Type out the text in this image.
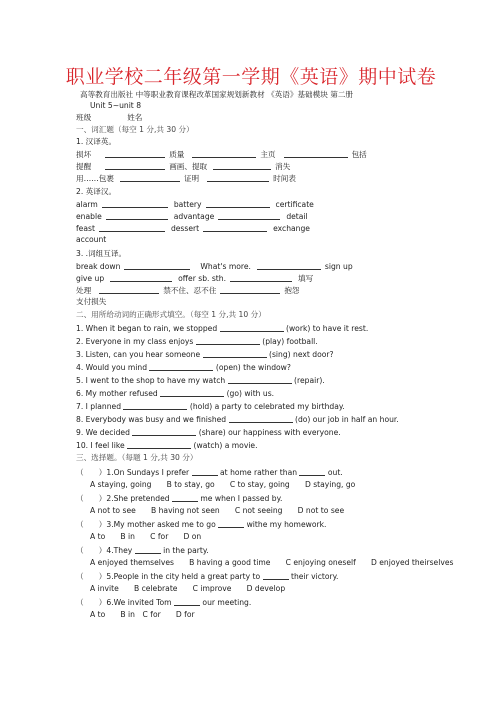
职业学校二年级第一学期《英语》期中试卷
高等教育出版社 中等职业教育课程改革国家规划新教材 《英语》基础模块 第二册
Unit 5~unit 8
班级	姓名
一、词汇题（每空 1 分,共 30 分）
1. 汉译英。
损坏	质量	主页	包括
提醒	画画、提取	消失
用……包裹	证明	时间表
2. 英译汉。
alarm	battery	certificate
enable	advantage	detail
feast	dessert	exchange
account
3. .词组互译。
break down	What's more.	sign up
give up	offer sb. sth.	填写
处理	禁不住、忍不住	抱怨
支付损失
二、用所给动词的正确形式填空。（每空 1 分,共 10 分）
1. When it began to rain, we stopped	(work) to have it rest.
2. Everyone in my class enjoys	(play) football.
3. Listen, can you hear someone	(sing) next door?
4. Would you mind	(open) the window?
5. I went to the shop to have my watch	(repair).
6. My mother refused	(go) with us.
7. I planned	(hold) a party to celebrated my birthday.
8. Everybody was busy and we finished	(do) our job in half an hour.
9. We decided	(share) our happiness with everyone.
10. I feel like	(watch) a movie.
三、选择题。（每题 1 分,共 30 分）
（　　）1.On Sundays I prefer	at home rather than	out.
A staying, going　　B to stay, go　　C to stay, going　　D staying, go
（　　）2.She pretended	me when I passed by.
A not to see　　B having not seen　　C not seeing　　D not to see
（　　）3.My mother asked me to go	withe my homework.
A to　　B in　　C for　　D on
（　　）4.They	in the party.
A enjoyed themselves　　B having a good time　　C enjoying oneself　　D enjoyed theirselves
（　　）5.People in the city held a great party to	their victory.
A invite　　B celebrate　　C improve　　D develop
（　　）6.We invited Tom	our meeting.
A to　　B in　C for　　D for
